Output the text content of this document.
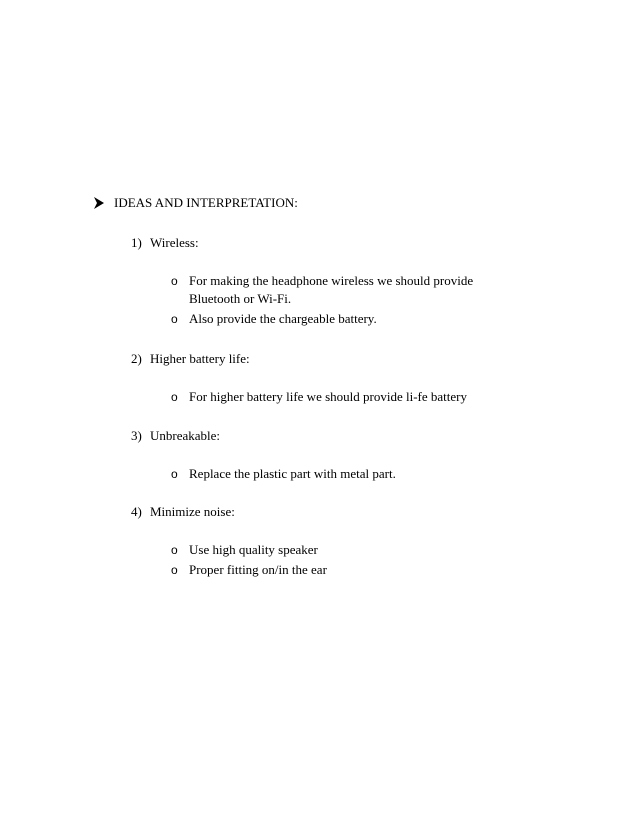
IDEAS AND INTERPRETATION:
1) Wireless:
o For making the headphone wireless we should provide
Bluetooth or Wi-Fi.
o Also provide the chargeable battery.
2) Higher battery life:
o For higher battery life we should provide li-fe battery
3) Unbreakable:
o Replace the plastic part with metal part.
4) Minimize noise:
o Use high quality speaker
o Proper fitting on/in the ear
